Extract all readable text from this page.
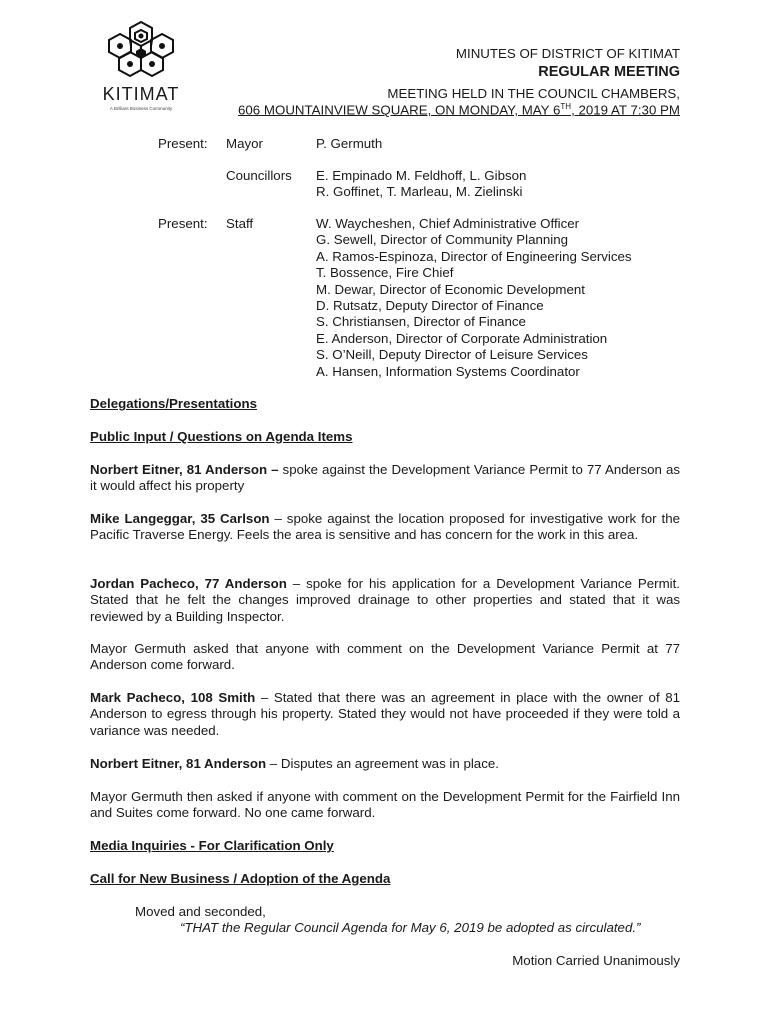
KITIMAT
A Brilliant Business Community
MINUTES OF DISTRICT OF KITIMAT
REGULAR MEETING
MEETING HELD IN THE COUNCIL CHAMBERS,
606 MOUNTAINVIEW SQUARE, ON MONDAY, MAY 6TH, 2019 AT 7:30 PM
Present: Mayor	P. Germuth
Councillors E. Empinado M. Feldhoff, L. Gibson
R. Goffinet, T. Marleau, M. Zielinski
Present: Staff	W. Waycheshen, Chief Administrative Officer
G. Sewell, Director of Community Planning
A. Ramos-Espinoza, Director of Engineering Services
T. Bossence, Fire Chief
M. Dewar, Director of Economic Development
D. Rutsatz, Deputy Director of Finance
S. Christiansen, Director of Finance
E. Anderson, Director of Corporate Administration
S. O’Neill, Deputy Director of Leisure Services
A. Hansen, Information Systems Coordinator
Delegations/Presentations
Public Input / Questions on Agenda Items
Norbert Eitner, 81 Anderson – spoke against the Development Variance Permit to 77 Anderson as it would affect his property
Mike Langeggar, 35 Carlson – spoke against the location proposed for investigative work for the Pacific Traverse Energy. Feels the area is sensitive and has concern for the work in this area.
Jordan Pacheco, 77 Anderson – spoke for his application for a Development Variance Permit. Stated that he felt the changes improved drainage to other properties and stated that it was reviewed by a Building Inspector.
Mayor Germuth asked that anyone with comment on the Development Variance Permit at 77 Anderson come forward.
Mark Pacheco, 108 Smith – Stated that there was an agreement in place with the owner of 81 Anderson to egress through his property. Stated they would not have proceeded if they were told a variance was needed.
Norbert Eitner, 81 Anderson – Disputes an agreement was in place.
Mayor Germuth then asked if anyone with comment on the Development Permit for the Fairfield Inn and Suites come forward. No one came forward.
Media Inquiries - For Clarification Only
Call for New Business / Adoption of the Agenda
Moved and seconded,
“THAT the Regular Council Agenda for May 6, 2019 be adopted as circulated.”
Motion Carried Unanimously
